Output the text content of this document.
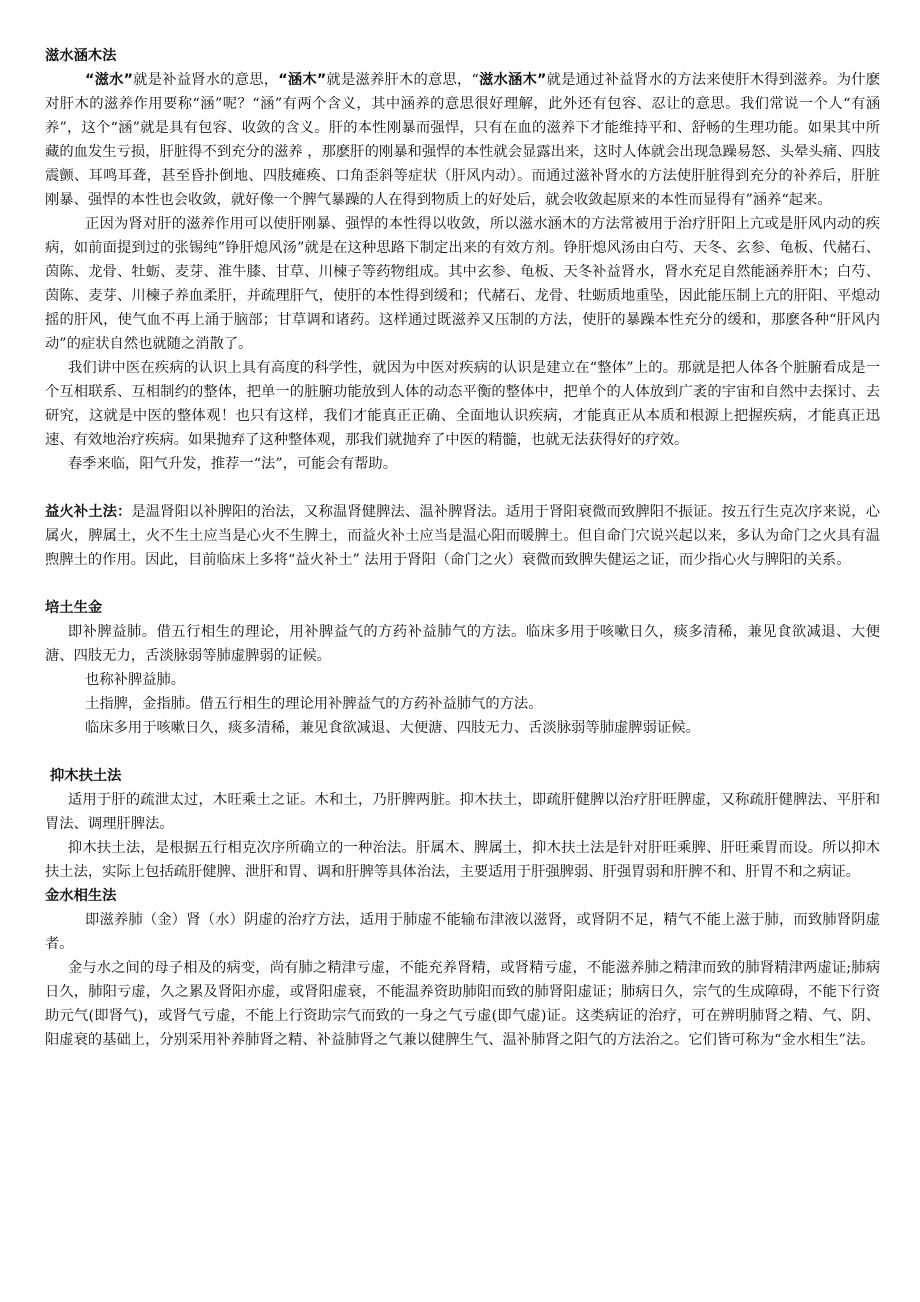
滋水涵木法

“滋水”就是补益肾水的意思，“涵木”就是滋养肝木的意思，“滋水涵木”就是通过补益肾水的方法来使肝木得到滋养。为什麽对肝木的滋养作用要称“涵”呢？“涵”有两个含义，其中涵养的意思很好理解，此外还有包容、忍让的意思。我们常说一个人“有涵养”，这个“涵”就是具有包容、收敛的含义。肝的本性刚暴而强悍，只有在血的滋养下才能维持平和、舒畅的生理功能。如果其中所藏的血发生亏损，肝脏得不到充分的滋养 ，那麽肝的刚暴和强悍的本性就会显露出来，这时人体就会出现急躁易怒、头晕头痛、四肢震颤、耳鸣耳聋，甚至昏扑倒地、四肢瘫痪、口角歪斜等症状（肝风内动）。而通过滋补肾水的方法使肝脏得到充分的补养后，肝脏刚暴、强悍的本性也会收敛，就好像一个脾气暴躁的人在得到物质上的好处后，就会收敛起原来的本性而显得有”涵养“起来。

正因为肾对肝的滋养作用可以使肝刚暴、强悍的本性得以收敛，所以滋水涵木的方法常被用于治疗肝阳上亢或是肝风内动的疾病，如前面提到过的张锡纯”铮肝熄风汤”就是在这种思路下制定出来的有效方剂。铮肝熄风汤由白芍、天冬、玄参、龟板、代赭石、茵陈、龙骨、牡蛎、麦芽、淮牛膝、甘草、川楝子等药物组成。其中玄参、龟板、天冬补益肾水，肾水充足自然能涵养肝木；白芍、茵陈、麦芽、川楝子养血柔肝，并疏理肝气，使肝的本性得到缓和；代赭石、龙骨、牡蛎质地重坠，因此能压制上亢的肝阳、平熄动摇的肝风，使气血不再上涌于脑部；甘草调和诸药。这样通过既滋养又压制的方法，使肝的暴躁本性充分的缓和，那麽各种“肝风内动”的症状自然也就随之消散了。

我们讲中医在疾病的认识上具有高度的科学性，就因为中医对疾病的认识是建立在“整体”上的。那就是把人体各个脏腑看成是一个互相联系、互相制约的整体，把单一的脏腑功能放到人体的动态平衡的整体中，把单个的人体放到广袤的宇宙和自然中去探讨、去研究，这就是中医的整体观！也只有这样，我们才能真正正确、全面地认识疾病，才能真正从本质和根源上把握疾病，才能真正迅速、有效地治疗疾病。如果抛弃了这种整体观，那我们就抛弃了中医的精髓，也就无法获得好的疗效。

春季来临，阳气升发，推荐一“法”，可能会有帮助。

益火补土法：是温肾阳以补脾阳的治法，又称温肾健脾法、温补脾肾法。适用于肾阳衰微而致脾阳不振证。按五行生克次序来说，心属火，脾属土，火不生土应当是心火不生脾土，而益火补土应当是温心阳而暖脾土。但自命门穴说兴起以来，多认为命门之火具有温煦脾土的作用。因此，目前临床上多将“益火补土” 法用于肾阳（命门之火）衰微而致脾失健运之证，而少指心火与脾阳的关系。

培土生金

即补脾益肺。借五行相生的理论，用补脾益气的方药补益肺气的方法。临床多用于咳嗽日久，痰多清稀，兼见食欲减退、大便溏、四肢无力，舌淡脉弱等肺虚脾弱的证候。

也称补脾益肺。

土指脾，金指肺。借五行相生的理论用补脾益气的方药补益肺气的方法。

临床多用于咳嗽日久，痰多清稀，兼见食欲减退、大便溏、四肢无力、舌淡脉弱等肺虚脾弱证候。

抑木扶土法

适用于肝的疏泄太过，木旺乘土之证。木和土，乃肝脾两脏。抑木扶土，即疏肝健脾以治疗肝旺脾虚，又称疏肝健脾法、平肝和胃法、调理肝脾法。

抑木扶土法，是根据五行相克次序所确立的一种治法。肝属木、脾属土，抑木扶土法是针对肝旺乘脾、肝旺乘胃而设。所以抑木扶土法，实际上包括疏肝健脾、泄肝和胃、调和肝脾等具体治法，主要适用于肝强脾弱、肝强胃弱和肝脾不和、肝胃不和之病证。

金水相生法

即滋养肺（金）肾（水）阴虚的治疗方法，适用于肺虚不能输布津液以滋肾，或肾阴不足，精气不能上滋于肺，而致肺肾阴虚者。

金与水之间的母子相及的病变，尚有肺之精津亏虚，不能充养肾精，或肾精亏虚，不能滋养肺之精津而致的肺肾精津两虚证;肺病日久，肺阳亏虚，久之累及肾阳亦虚，或肾阳虚衰，不能温养资助肺阳而致的肺肾阳虚证；肺病日久，宗气的生成障碍，不能下行资助元气(即肾气)，或肾气亏虚，不能上行资助宗气而致的一身之气亏虚(即气虚)证。这类病证的治疗，可在辨明肺肾之精、气、阴、阳虚衰的基础上，分别采用补养肺肾之精、补益肺肾之气兼以健脾生气、温补肺肾之阳气的方法治之。它们皆可称为“金水相生”法。
